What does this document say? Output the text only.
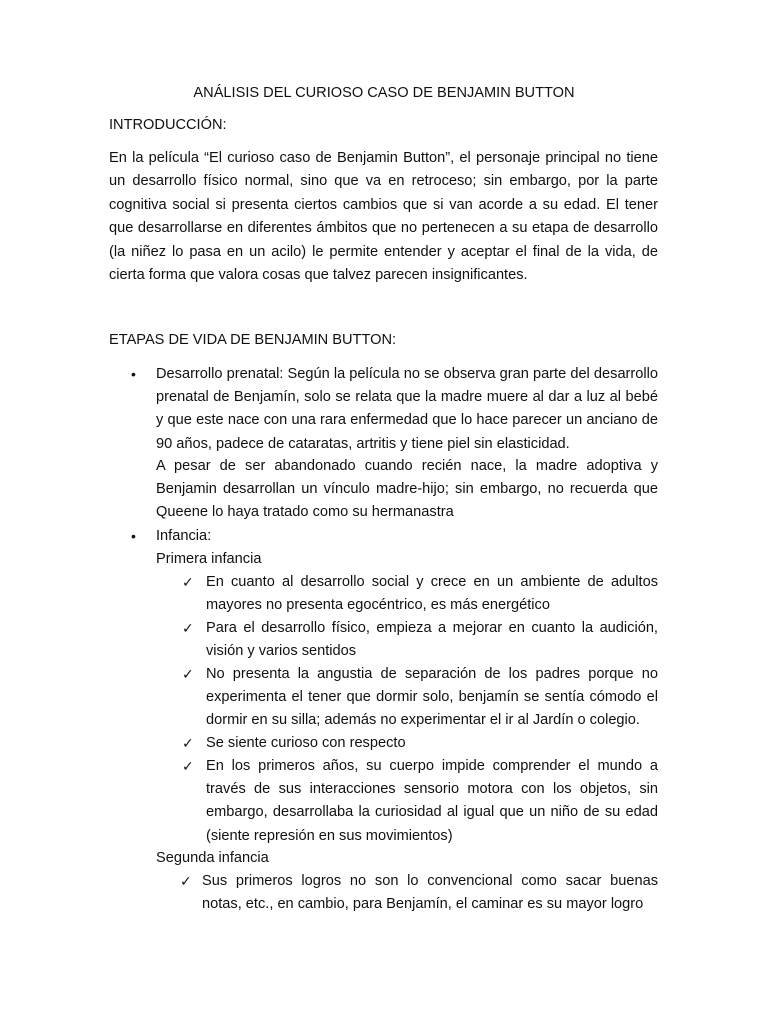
ANÁLISIS DEL CURIOSO CASO DE BENJAMIN BUTTON
INTRODUCCIÓN:
En la película “El curioso caso de Benjamin Button”, el personaje principal no tiene un desarrollo físico normal, sino que va en retroceso; sin embargo, por la parte cognitiva social si presenta ciertos cambios que si van acorde a su edad. El tener que desarrollarse en diferentes ámbitos que no pertenecen a su etapa de desarrollo (la niñez lo pasa en un acilo) le permite entender y aceptar el final de la vida, de cierta forma que valora cosas que talvez parecen insignificantes.
ETAPAS DE VIDA DE BENJAMIN BUTTON:
• Desarrollo prenatal: Según la película no se observa gran parte del desarrollo prenatal de Benjamín, solo se relata que la madre muere al dar a luz al bebé y que este nace con una rara enfermedad que lo hace parecer un anciano de 90 años, padece de cataratas, artritis y tiene piel sin elasticidad.
A pesar de ser abandonado cuando recién nace, la madre adoptiva y Benjamin desarrollan un vínculo madre-hijo; sin embargo, no recuerda que Queene lo haya tratado como su hermanastra
• Infancia:
Primera infancia
✓ En cuanto al desarrollo social y crece en un ambiente de adultos mayores no presenta egocéntrico, es más energético
✓ Para el desarrollo físico, empieza a mejorar en cuanto la audición, visión y varios sentidos
✓ No presenta la angustia de separación de los padres porque no experimenta el tener que dormir solo, benjamín se sentía cómodo el dormir en su silla; además no experimentar el ir al Jardín o colegio.
✓ Se siente curioso con respecto
✓ En los primeros años, su cuerpo impide comprender el mundo a través de sus interacciones sensorio motora con los objetos, sin embargo, desarrollaba la curiosidad al igual que un niño de su edad (siente represión en sus movimientos)
Segunda infancia
✓ Sus primeros logros no son lo convencional como sacar buenas notas, etc., en cambio, para Benjamín, el caminar es su mayor logro
